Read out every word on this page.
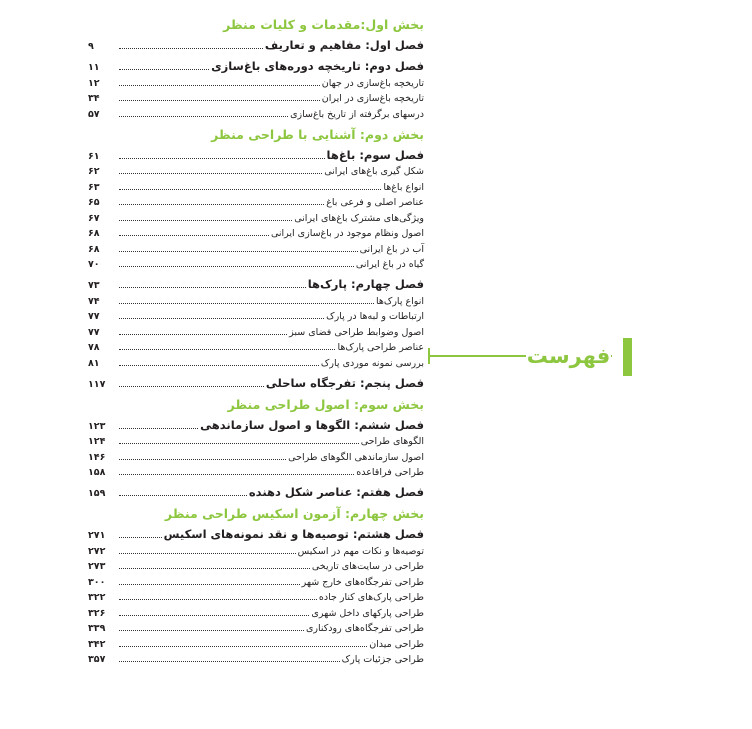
بخش اول:مقدمات و کلیات منظر
فصل اول: مفاهیم و تعاریف
۹
فصل دوم: تاریخچه دوره‌های باغ‌سازی
۱۱
تاریخچه باغ‌سازی در جهان
۱۲
تاریخچه باغ‌سازی در ایران
۳۴
درسهای برگرفته از تاریخ باغ‌سازی
۵۷
بخش دوم: آشنایی با طراحی منظر
فصل سوم: باغ‌ها
۶۱
شکل گیری باغ‌های ایرانی
۶۲
انواع باغ‌ها
۶۳
عناصر اصلی و فرعی باغ
۶۵
ویژگی‌های مشترک باغ‌های ایرانی
۶۷
اصول ونظام موجود در باغ‌سازی ایرانی
۶۸
آب در باغ ایرانی
۶۸
گیاه در باغ ایرانی
۷۰
فصل چهارم: پارک‌ها
۷۳
انواع پارک‌ها
۷۴
ارتباطات و لبه‌ها در پارک
۷۷
اصول وضوابط طراحی فضای سبز
۷۷
عناصر طراحی پارک‌ها
۷۸
بررسی نمونه موردی پارک
۸۱
فصل پنجم: تفرجگاه ساحلی
۱۱۷
بخش سوم: اصول طراحی منظر
فصل ششم: الگوها و اصول سازماندهی
۱۲۳
الگوهای طراحی
۱۲۴
اصول سازماندهی الگوهای طراحی
۱۴۶
طراحی فراقاعده
۱۵۸
فصل هفتم: عناصر شکل دهنده
۱۵۹
بخش چهارم: آزمون اسکیس طراحی منظر
فصل هشتم: توصیه‌ها و نقد نمونه‌های اسکیس
۲۷۱
توصیه‌ها و نکات مهم در اسکیس
۲۷۲
طراحی در سایت‌های تاریخی
۲۷۳
طراحی تفرجگاه‌های خارج شهر
۳۰۰
طراحی پارک‌های کنار جاده
۳۲۲
طراحی پارکهای داخل شهری
۳۲۶
طراحی تفرجگاه‌های رودکناری
۳۳۹
طراحی میدان
۳۴۲
طراحی جزئیات پارک
۳۵۷
فهرست
